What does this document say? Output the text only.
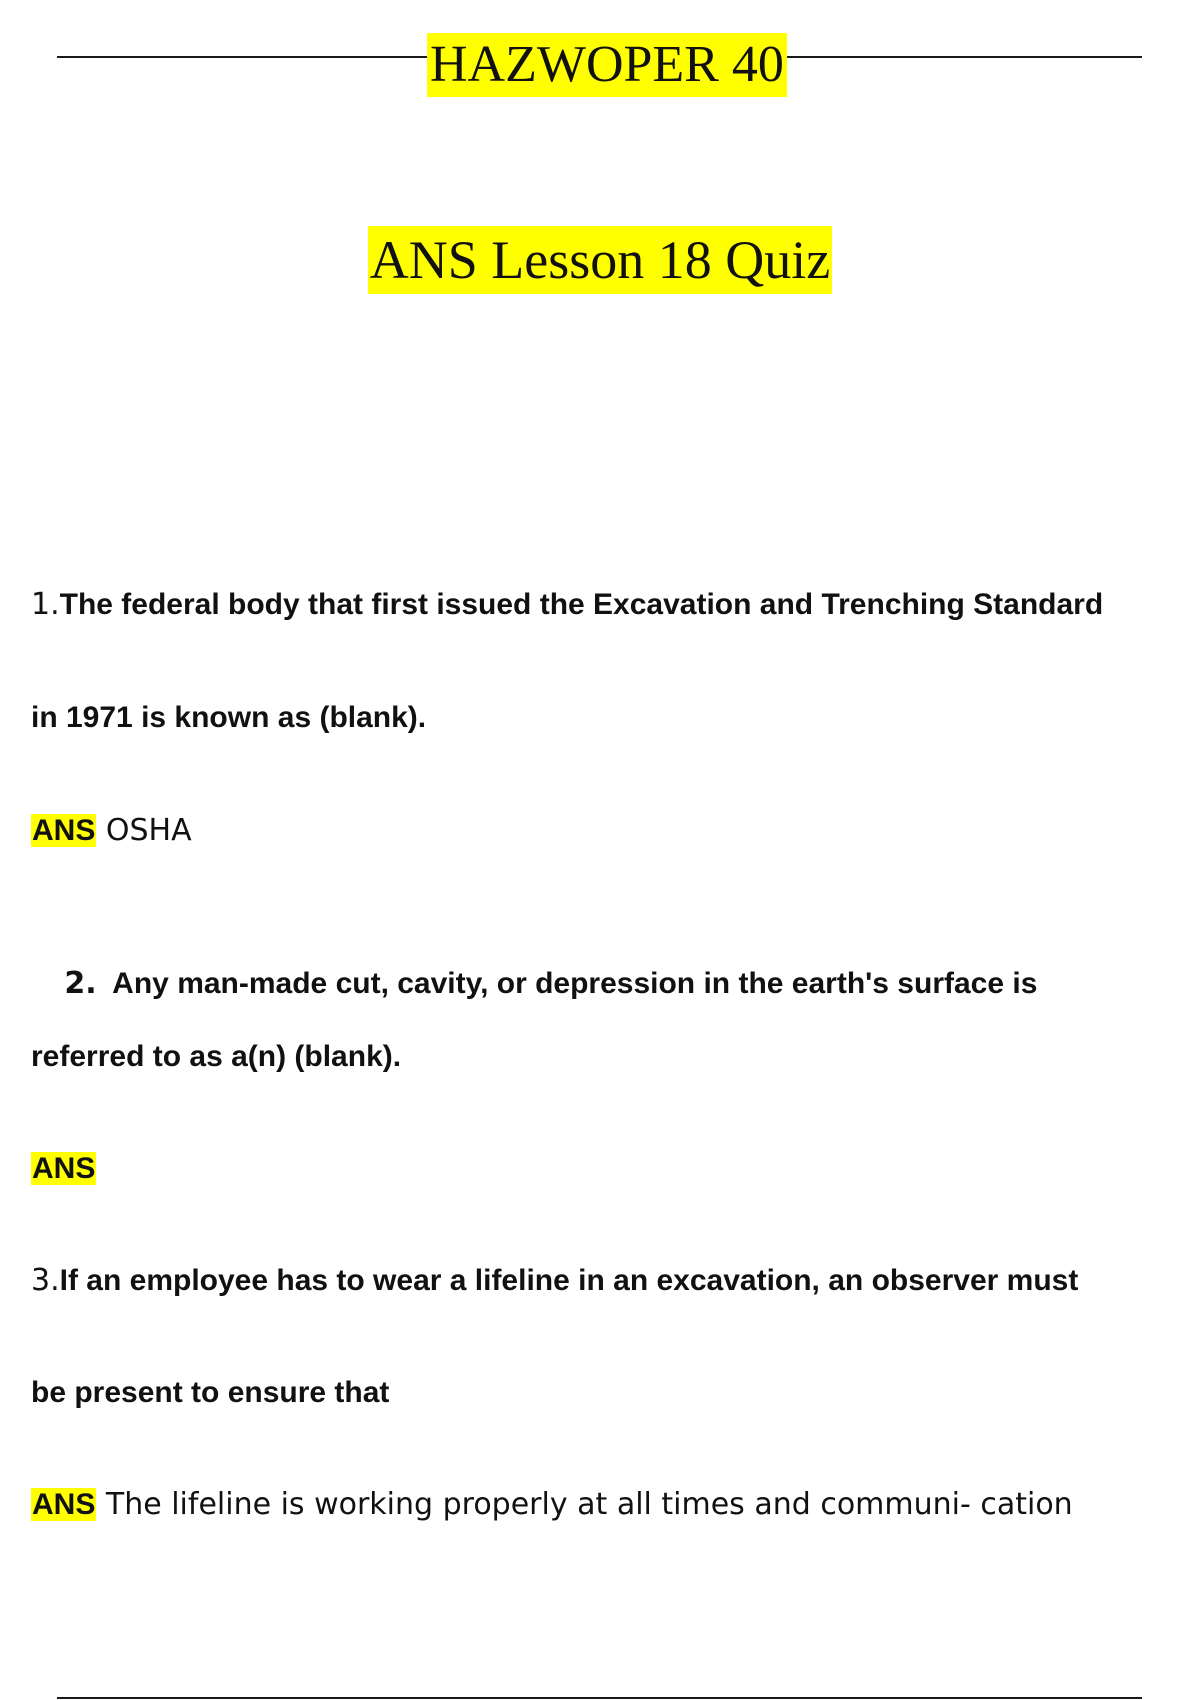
HAZWOPER 40
ANS Lesson 18 Quiz
1.The federal body that first issued the Excavation and Trenching Standard
in 1971 is known as (blank).
ANS OSHA

2.  Any man-made cut, cavity, or depression in the earth's surface is

referred to as a(n) (blank).
ANS
3.If an employee has to wear a lifeline in an excavation, an observer must
be present to ensure that
ANS The lifeline is working properly at all times and communi- cation
